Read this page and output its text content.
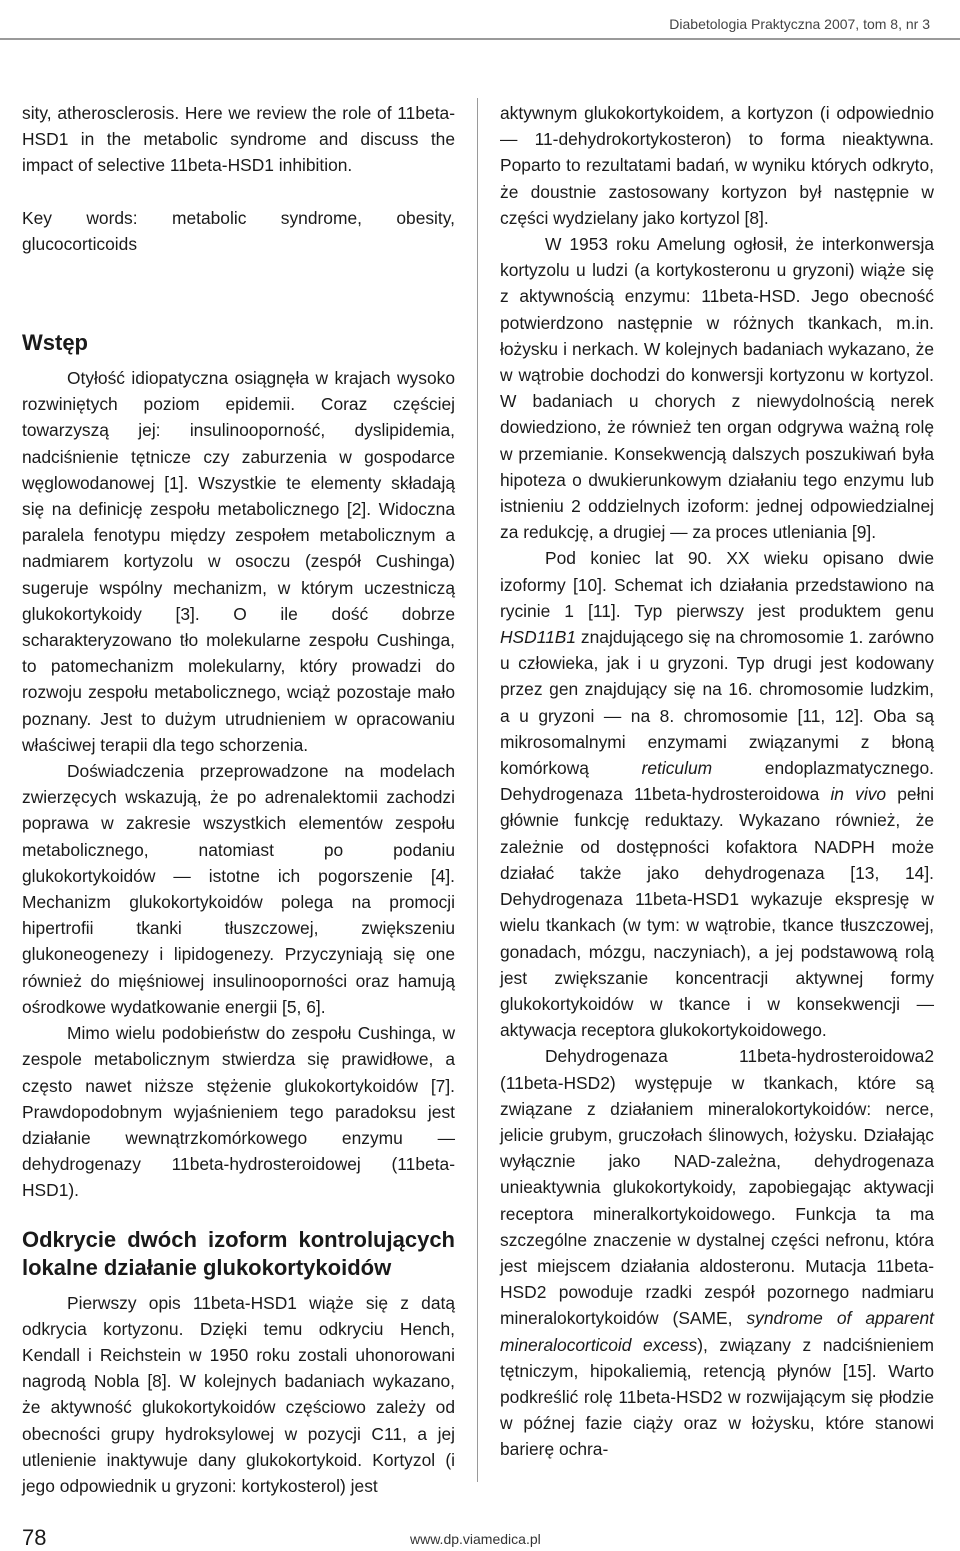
Diabetologia Praktyczna 2007, tom 8, nr 3

sity, atherosclerosis. Here we review the role of 11beta-HSD1 in the metabolic syndrome and discuss the impact of selective 11beta-HSD1 inhibition.

Key words: metabolic syndrome, obesity, glucocorticoids

Wstęp

Otyłość idiopatyczna osiągnęła w krajach wysoko rozwiniętych poziom epidemii. Coraz częściej towarzyszą jej: insulinooporność, dyslipidemia, nadciśnienie tętnicze czy zaburzenia w gospodarce węglowodanowej [1]. Wszystkie te elementy składają się na definicję zespołu metabolicznego [2]. Widoczna paralela fenotypu między zespołem metabolicznym a nadmiarem kortyzolu w osoczu (zespół Cushinga) sugeruje wspólny mechanizm, w którym uczestniczą glukokortykoidy [3]. O ile dość dobrze scharakteryzowano tło molekularne zespołu Cushinga, to patomechanizm molekularny, który prowadzi do rozwoju zespołu metabolicznego, wciąż pozostaje mało poznany. Jest to dużym utrudnieniem w opracowaniu właściwej terapii dla tego schorzenia.

Doświadczenia przeprowadzone na modelach zwierzęcych wskazują, że po adrenalektomii zachodzi poprawa w zakresie wszystkich elementów zespołu metabolicznego, natomiast po podaniu glukokortykoidów — istotne ich pogorszenie [4]. Mechanizm glukokortykoidów polega na promocji hipertrofii tkanki tłuszczowej, zwiększeniu glukoneogenezy i lipidogenezy. Przyczyniają się one również do mięśniowej insulinooporności oraz hamują ośrodkowe wydatkowanie energii [5, 6].

Mimo wielu podobieństw do zespołu Cushinga, w zespole metabolicznym stwierdza się prawidłowe, a często nawet niższe stężenie glukokortykoidów [7]. Prawdopodobnym wyjaśnieniem tego paradoksu jest działanie wewnątrzkomórkowego enzymu — dehydrogenazy 11beta-hydrosteroidowej (11beta-HSD1).

Odkrycie dwóch izoform kontrolujących lokalne działanie glukokortykoidów

Pierwszy opis 11beta-HSD1 wiąże się z datą odkrycia kortyzonu. Dzięki temu odkryciu Hench, Kendall i Reichstein w 1950 roku zostali uhonorowani nagrodą Nobla [8]. W kolejnych badaniach wykazano, że aktywność glukokortykoidów częściowo zależy od obecności grupy hydroksylowej w pozycji C11, a jej utlenienie inaktywuje dany glukokortykoid. Kortyzol (i jego odpowiednik u gryzoni: kortykosterol) jest

aktywnym glukokortykoidem, a kortyzon (i odpowiednio — 11-dehydrokortykosteron) to forma nieaktywna. Poparto to rezultatami badań, w wyniku których odkryto, że doustnie zastosowany kortyzon był następnie w części wydzielany jako kortyzol [8].

W 1953 roku Amelung ogłosił, że interkonwersja kortyzolu u ludzi (a kortykosteronu u gryzoni) wiąże się z aktywnością enzymu: 11beta-HSD. Jego obecność potwierdzono następnie w różnych tkankach, m.in. łożysku i nerkach. W kolejnych badaniach wykazano, że w wątrobie dochodzi do konwersji kortyzonu w kortyzol. W badaniach u chorych z niewydolnością nerek dowiedziono, że również ten organ odgrywa ważną rolę w przemianie. Konsekwencją dalszych poszukiwań była hipoteza o dwukierunkowym działaniu tego enzymu lub istnieniu 2 oddzielnych izoform: jednej odpowiedzialnej za redukcję, a drugiej — za proces utleniania [9].

Pod koniec lat 90. XX wieku opisano dwie izoformy [10]. Schemat ich działania przedstawiono na rycinie 1 [11]. Typ pierwszy jest produktem genu HSD11B1 znajdującego się na chromosomie 1. zarówno u człowieka, jak i u gryzoni. Typ drugi jest kodowany przez gen znajdujący się na 16. chromosomie ludzkim, a u gryzoni — na 8. chromosomie [11, 12]. Oba są mikrosomalnymi enzymami związanymi z błoną komórkową reticulum endoplazmatycznego. Dehydrogenaza 11beta-hydrosteroidowa in vivo pełni głównie funkcję reduktazy. Wykazano również, że zależnie od dostępności kofaktora NADPH może działać także jako dehydrogenaza [13, 14]. Dehydrogenaza 11beta-HSD1 wykazuje ekspresję w wielu tkankach (w tym: w wątrobie, tkance tłuszczowej, gonadach, mózgu, naczyniach), a jej podstawową rolą jest zwiększanie koncentracji aktywnej formy glukokortykoidów w tkance i w konsekwencji — aktywacja receptora glukokortykoidowego.

Dehydrogenaza 11beta-hydrosteroidowa2 (11beta-HSD2) występuje w tkankach, które są związane z działaniem mineralokortykoidów: nerce, jelicie grubym, gruczołach ślinowych, łożysku. Działając wyłącznie jako NAD-zależna, dehydrogenaza unieaktywnia glukokortykoidy, zapobiegając aktywacji receptora mineralkortykoidowego. Funkcja ta ma szczególne znaczenie w dystalnej części nefronu, która jest miejscem działania aldosteronu. Mutacja 11beta-HSD2 powoduje rzadki zespół pozornego nadmiaru mineralokortykoidów (SAME, syndrome of apparent mineralocorticoid excess), związany z nadciśnieniem tętniczym, hipokaliemią, retencją płynów [15]. Warto podkreślić rolę 11beta-HSD2 w rozwijającym się płodzie w późnej fazie ciąży oraz w łożysku, które stanowi barierę ochra-

78	www.dp.viamedica.pl
